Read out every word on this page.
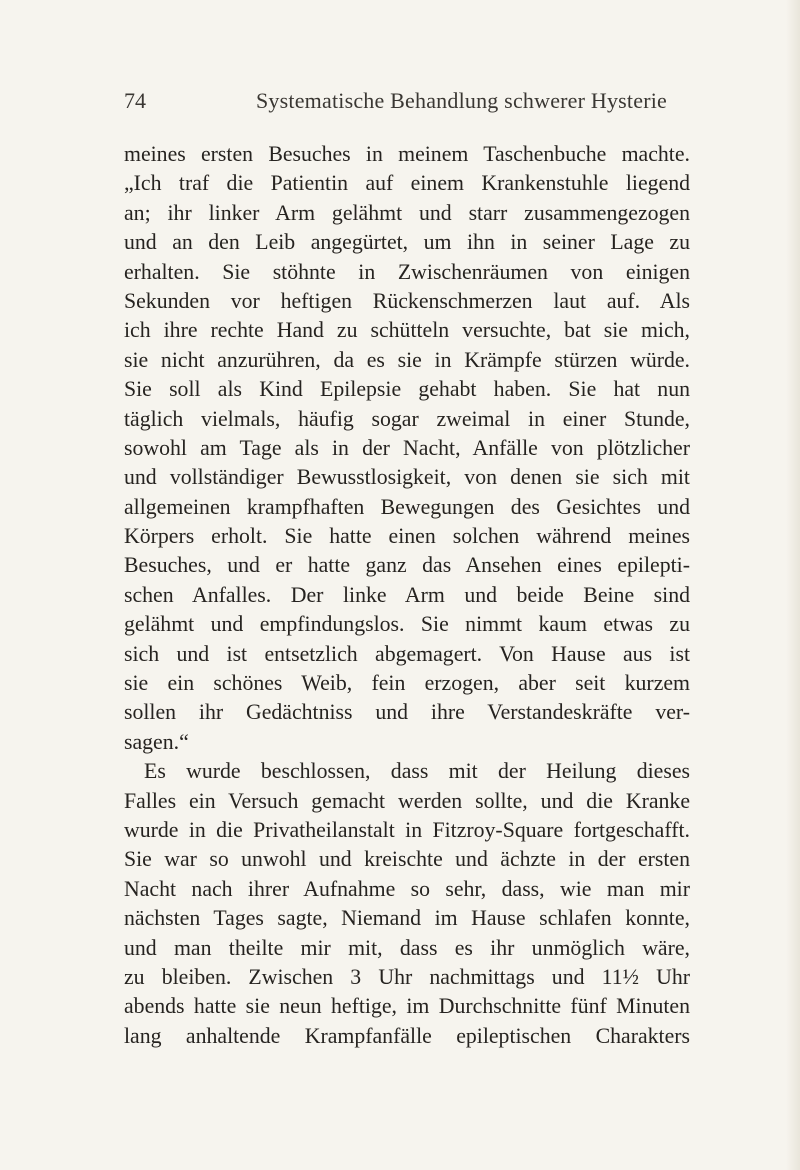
74	Systematische Behandlung schwerer Hysterie
meines ersten Besuches in meinem Taschenbuche machte.
„Ich traf die Patientin auf einem Krankenstuhle liegend
an; ihr linker Arm gelähmt und starr zusammengezogen
und an den Leib angegürtet, um ihn in seiner Lage zu
erhalten. Sie stöhnte in Zwischenräumen von einigen
Sekunden vor heftigen Rückenschmerzen laut auf. Als
ich ihre rechte Hand zu schütteln versuchte, bat sie mich,
sie nicht anzurühren, da es sie in Krämpfe stürzen würde.
Sie soll als Kind Epilepsie gehabt haben. Sie hat nun
täglich vielmals, häufig sogar zweimal in einer Stunde,
sowohl am Tage als in der Nacht, Anfälle von plötzlicher
und vollständiger Bewusstlosigkeit, von denen sie sich mit
allgemeinen krampfhaften Bewegungen des Gesichtes und
Körpers erholt. Sie hatte einen solchen während meines
Besuches, und er hatte ganz das Ansehen eines epilepti-
schen Anfalles. Der linke Arm und beide Beine sind
gelähmt und empfindungslos. Sie nimmt kaum etwas zu
sich und ist entsetzlich abgemagert. Von Hause aus ist
sie ein schönes Weib, fein erzogen, aber seit kurzem
sollen ihr Gedächtniss und ihre Verstandeskräfte ver-
sagen.“
Es wurde beschlossen, dass mit der Heilung dieses
Falles ein Versuch gemacht werden sollte, und die Kranke
wurde in die Privatheilanstalt in Fitzroy-Square fortgeschafft.
Sie war so unwohl und kreischte und ächzte in der ersten
Nacht nach ihrer Aufnahme so sehr, dass, wie man mir
nächsten Tages sagte, Niemand im Hause schlafen konnte,
und man theilte mir mit, dass es ihr unmöglich wäre,
zu bleiben. Zwischen 3 Uhr nachmittags und 11½ Uhr
abends hatte sie neun heftige, im Durchschnitte fünf Minuten
lang anhaltende Krampfanfälle epileptischen Charakters
